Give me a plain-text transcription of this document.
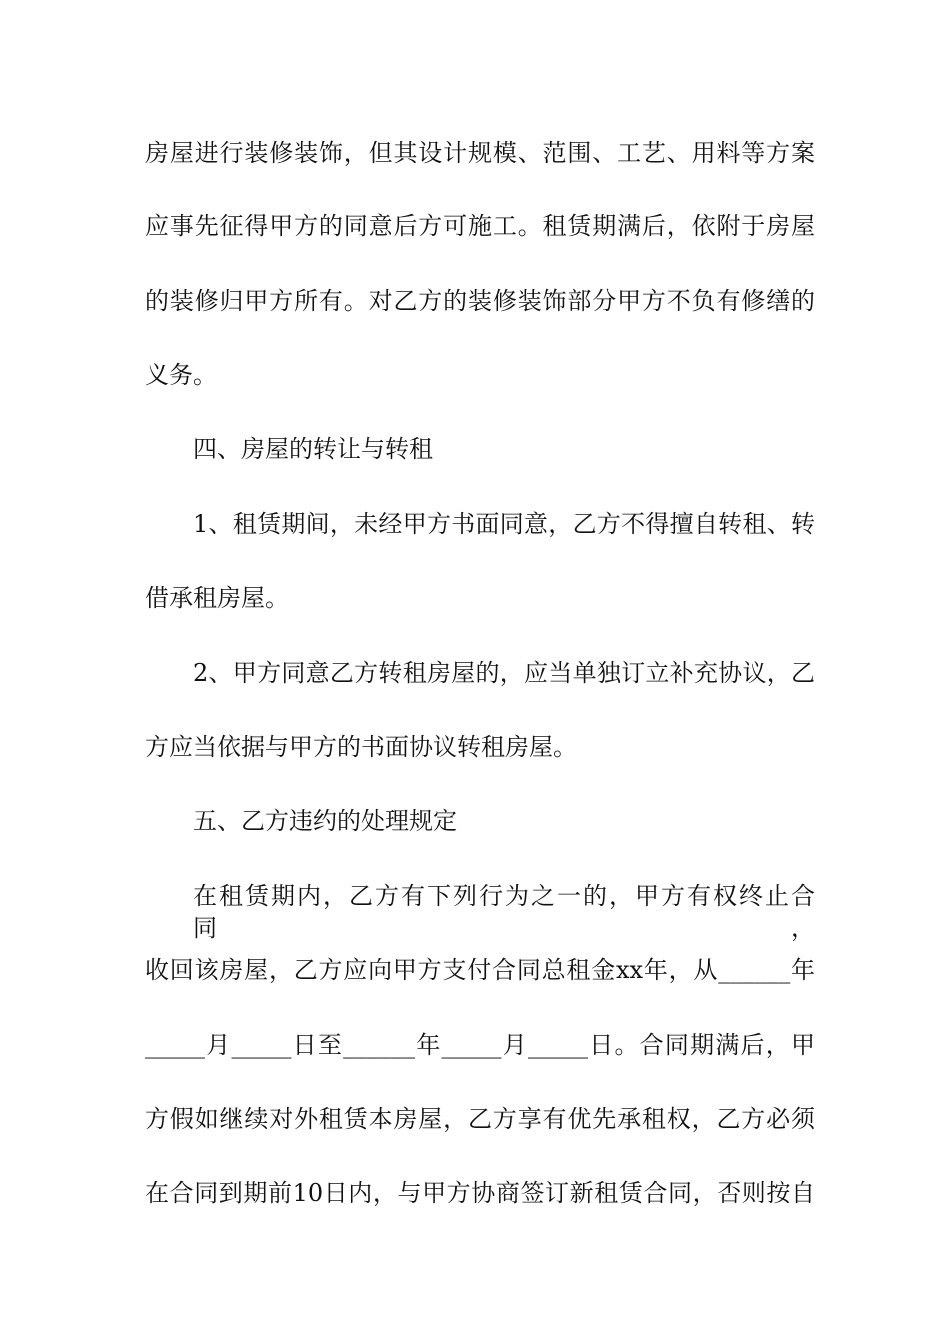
房屋进行装修装饰，但其设计规模、范围、工艺、用料等方案
应事先征得甲方的同意后方可施工。租赁期满后，依附于房屋
的装修归甲方所有。对乙方的装修装饰部分甲方不负有修缮的
义务。
四、房屋的转让与转租
1、租赁期间，未经甲方书面同意，乙方不得擅自转租、转
借承租房屋。
2、甲方同意乙方转租房屋的，应当单独订立补充协议，乙
方应当依据与甲方的书面协议转租房屋。
五、乙方违约的处理规定
在租赁期内，乙方有下列行为之一的，甲方有权终止合同，
收回该房屋，乙方应向甲方支付合同总租金xx年，从______年
_____月_____日至______年_____月_____日。合同期满后，甲
方假如继续对外租赁本房屋，乙方享有优先承租权，乙方必须
在合同到期前10日内，与甲方协商签订新租赁合同，否则按自
